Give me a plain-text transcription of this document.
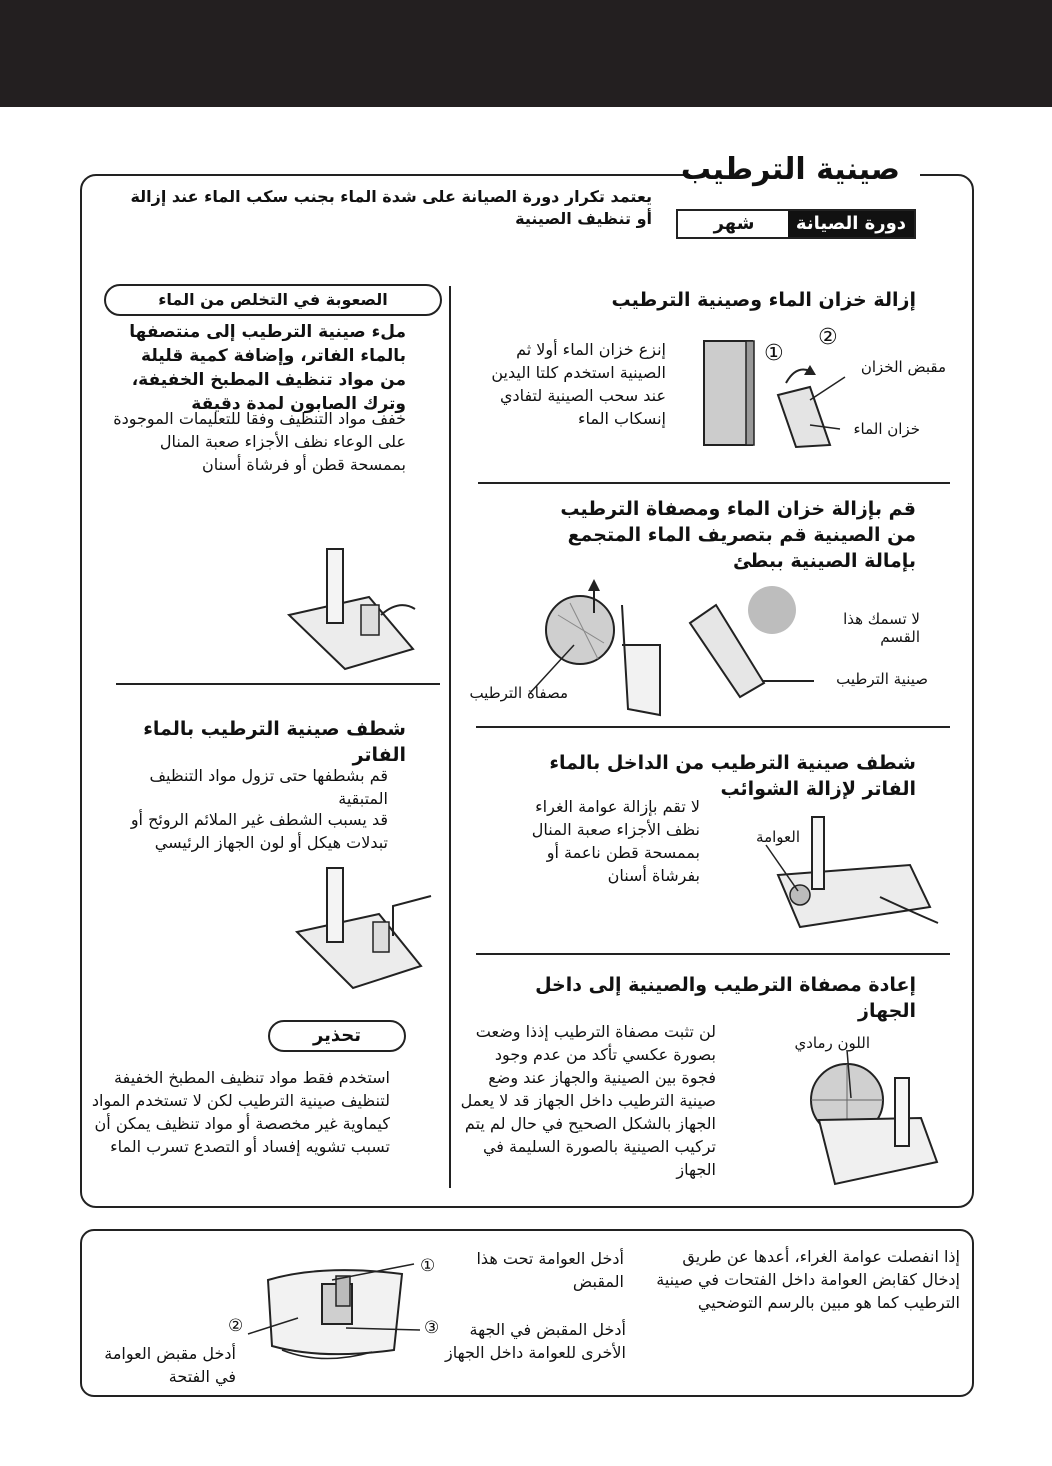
صينية الترطيب
يعتمد تكرار دورة الصيانة على شدة الماء بجنب سكب الماء عند إزالة أو تنظيف الصينية	دورة الصيانة
شهر
إزالة خزان الماء وصينية الترطيب
إنزع خزان الماء أولا ثم الصينية استخدم كلتا اليدين عند سحب الصينية لتفادي إنسكاب الماء
①
②
مقبض الخزان
خزان الماء
قم بإزالة خزان الماء ومصفاة الترطيب من الصينية قم بتصريف الماء المتجمع بإمالة الصينية ببطئ
لا تسمك هذا القسم
صينية الترطيب
مصفاة الترطيب
شطف صينية الترطيب من الداخل بالماء الفاتر لإزالة الشوائب
لا تقم بإزالة عوامة الغراء نظف الأجزاء صعبة المنال بممسحة قطن ناعمة أو بفرشاة أسنان
العوامة
إعادة مصفاة الترطيب والصينية إلى داخل الجهاز
لن تثبت مصفاة الترطيب إذذا وضعت بصورة عكسي تأكد من عدم وجود فجوة بين الصينية والجهاز عند وضع صينية الترطيب داخل الجهاز قد لا يعمل الجهاز بالشكل الصحيح في حال لم يتم تركيب الصينية بالصورة السليمة في الجهاز
اللون رمادي
الصعوبة في التخلص من الماء
ملء صينية الترطيب إلى منتصفها بالماء الفاتر، وإضافة كمية قليلة من مواد تنظيف المطبخ الخفيفة، وترك الصابون لمدة دقيقة
خفف مواد التنظيف وفقا للتعليمات الموجودة على الوعاء نظف الأجزاء صعبة المنال بممسحة قطن أو فرشاة أسنان
شطف صينية الترطيب بالماء الفاتر
قم بشطفها حتى تزول مواد التنظيف المتبقية
قد يسبب الشطف غير الملائم الروئح أو تبدلات هيكل أو لون الجهاز الرئيسي
تحذير
استخدم فقط مواد تنظيف المطبخ الخفيفة لتنظيف صينية الترطيب لكن لا تستخدم المواد كيماوية غير مخصصة أو مواد تنظيف يمكن أن تسبب تشويه إفساد أو التصدع تسرب الماء
إذا انفصلت عوامة الغراء، أعدها عن طريق إدخال كقابض العوامة داخل الفتحات في صينية الترطيب كما هو مبين بالرسم التوضحيي
أدخل العوامة تحت هذا المقبض
①
أدخل المقبض في الجهة الأخرى للعوامة داخل الجهاز
③
②
أدخل مقبض العوامة في الفتحة
